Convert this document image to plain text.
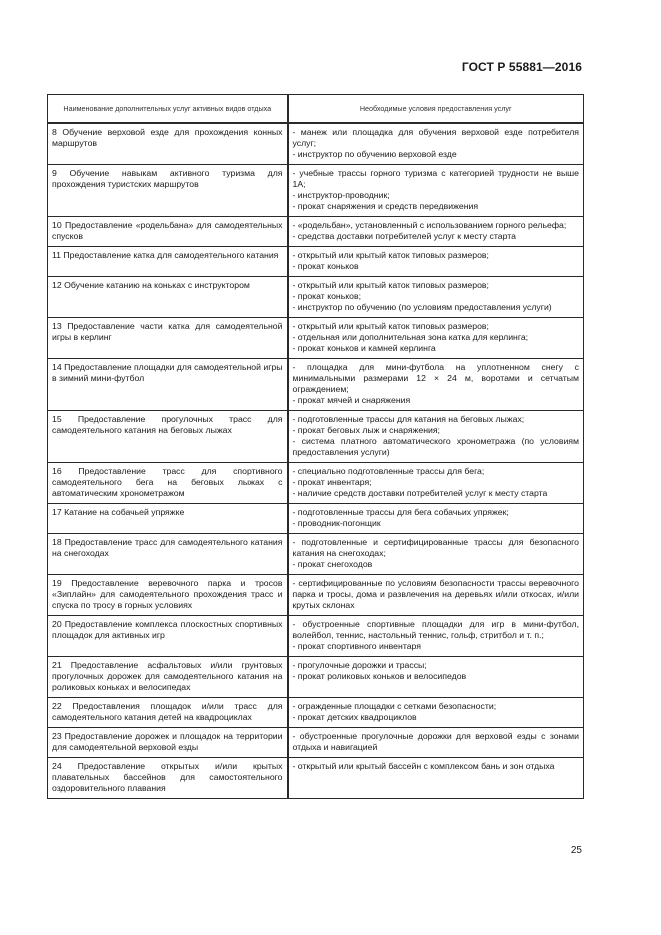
ГОСТ Р 55881—2016
Наименование дополнительных услуг активных видов отдыха	Необходимые условия предоставления услуг
8 Обучение верховой езде для прохождения конных маршрутов	- манеж или площадка для обучения верховой езде потребителя услуг;
- инструктор по обучению верховой езде

9 Обучение навыкам активного туризма для прохождения туристских маршрутов	- учебные трассы горного туризма с категорией трудности не выше 1А;
- инструктор-проводник;
- прокат снаряжения и средств передвижения

10 Предоставление «родельбана» для самодеятельных спусков	- «родельбан», установленный с использованием горного рельефа;
- средства доставки потребителей услуг к месту старта

11 Предоставление катка для самодеятельного катания	- открытый или крытый каток типовых размеров;
- прокат коньков

12 Обучение катанию на коньках с инструктором	- открытый или крытый каток типовых размеров;
- прокат коньков;
- инструктор по обучению (по условиям предоставления услуги)

13 Предоставление части катка для самодеятельной игры в керлинг	- открытый или крытый каток типовых размеров;
- отдельная или дополнительная зона катка для керлинга;
- прокат коньков и камней керлинга

14 Предоставление площадки для самодеятельной игры в зимний мини-футбол	- площадка для мини-футбола на уплотненном снегу с минимальными размерами 12 × 24 м, воротами и сетчатым ограждением;
- прокат мячей и снаряжения

15 Предоставление прогулочных трасс для самодеятельного катания на беговых лыжах	- подготовленные трассы для катания на беговых лыжах;
- прокат беговых лыж и снаряжения;
- система платного автоматического хронометража (по условиям предоставления услуги)

16 Предоставление трасс для спортивного самодеятельного бега на беговых лыжах с автоматическим хронометражом	- специально подготовленные трассы для бега;
- прокат инвентаря;
- наличие средств доставки потребителей услуг к месту старта

17 Катание на собачьей упряжке	- подготовленные трассы для бега собачьих упряжек;
- проводник-погонщик

18 Предоставление трасс для самодеятельного катания на снегоходах	- подготовленные и сертифицированные трассы для безопасного катания на снегоходах;
- прокат снегоходов

19 Предоставление веревочного парка и тросов «Зиплайн» для самодеятельного прохождения трасс и спуска по тросу в горных условиях	- сертифицированные по условиям безопасности трассы веревочного парка и тросы, дома и развлечения на деревьях и/или откосах, и/или крутых склонах

20 Предоставление комплекса плоскостных спортивных площадок для активных игр	- обустроенные спортивные площадки для игр в мини-футбол, волейбол, теннис, настольный теннис, гольф, стритбол и т. п.;
- прокат спортивного инвентаря

21 Предоставление асфальтовых и/или грунтовых прогулочных дорожек для самодеятельного катания на роликовых коньках и велосипедах	- прогулочные дорожки и трассы;
- прокат роликовых коньков и велосипедов

22 Предоставления площадок и/или трасс для самодеятельного катания детей на квадроциклах	- огражденные площадки с сетками безопасности;
- прокат детских квадроциклов

23 Предоставление дорожек и площадок на территории для самодеятельной верховой езды	- обустроенные прогулочные дорожки для верховой езды с зонами отдыха и навигацией

24 Предоставление открытых и/или крытых плавательных бассейнов для самостоятельного оздоровительного плавания	- открытый или крытый бассейн с комплексом бань и зон отдыха
25
